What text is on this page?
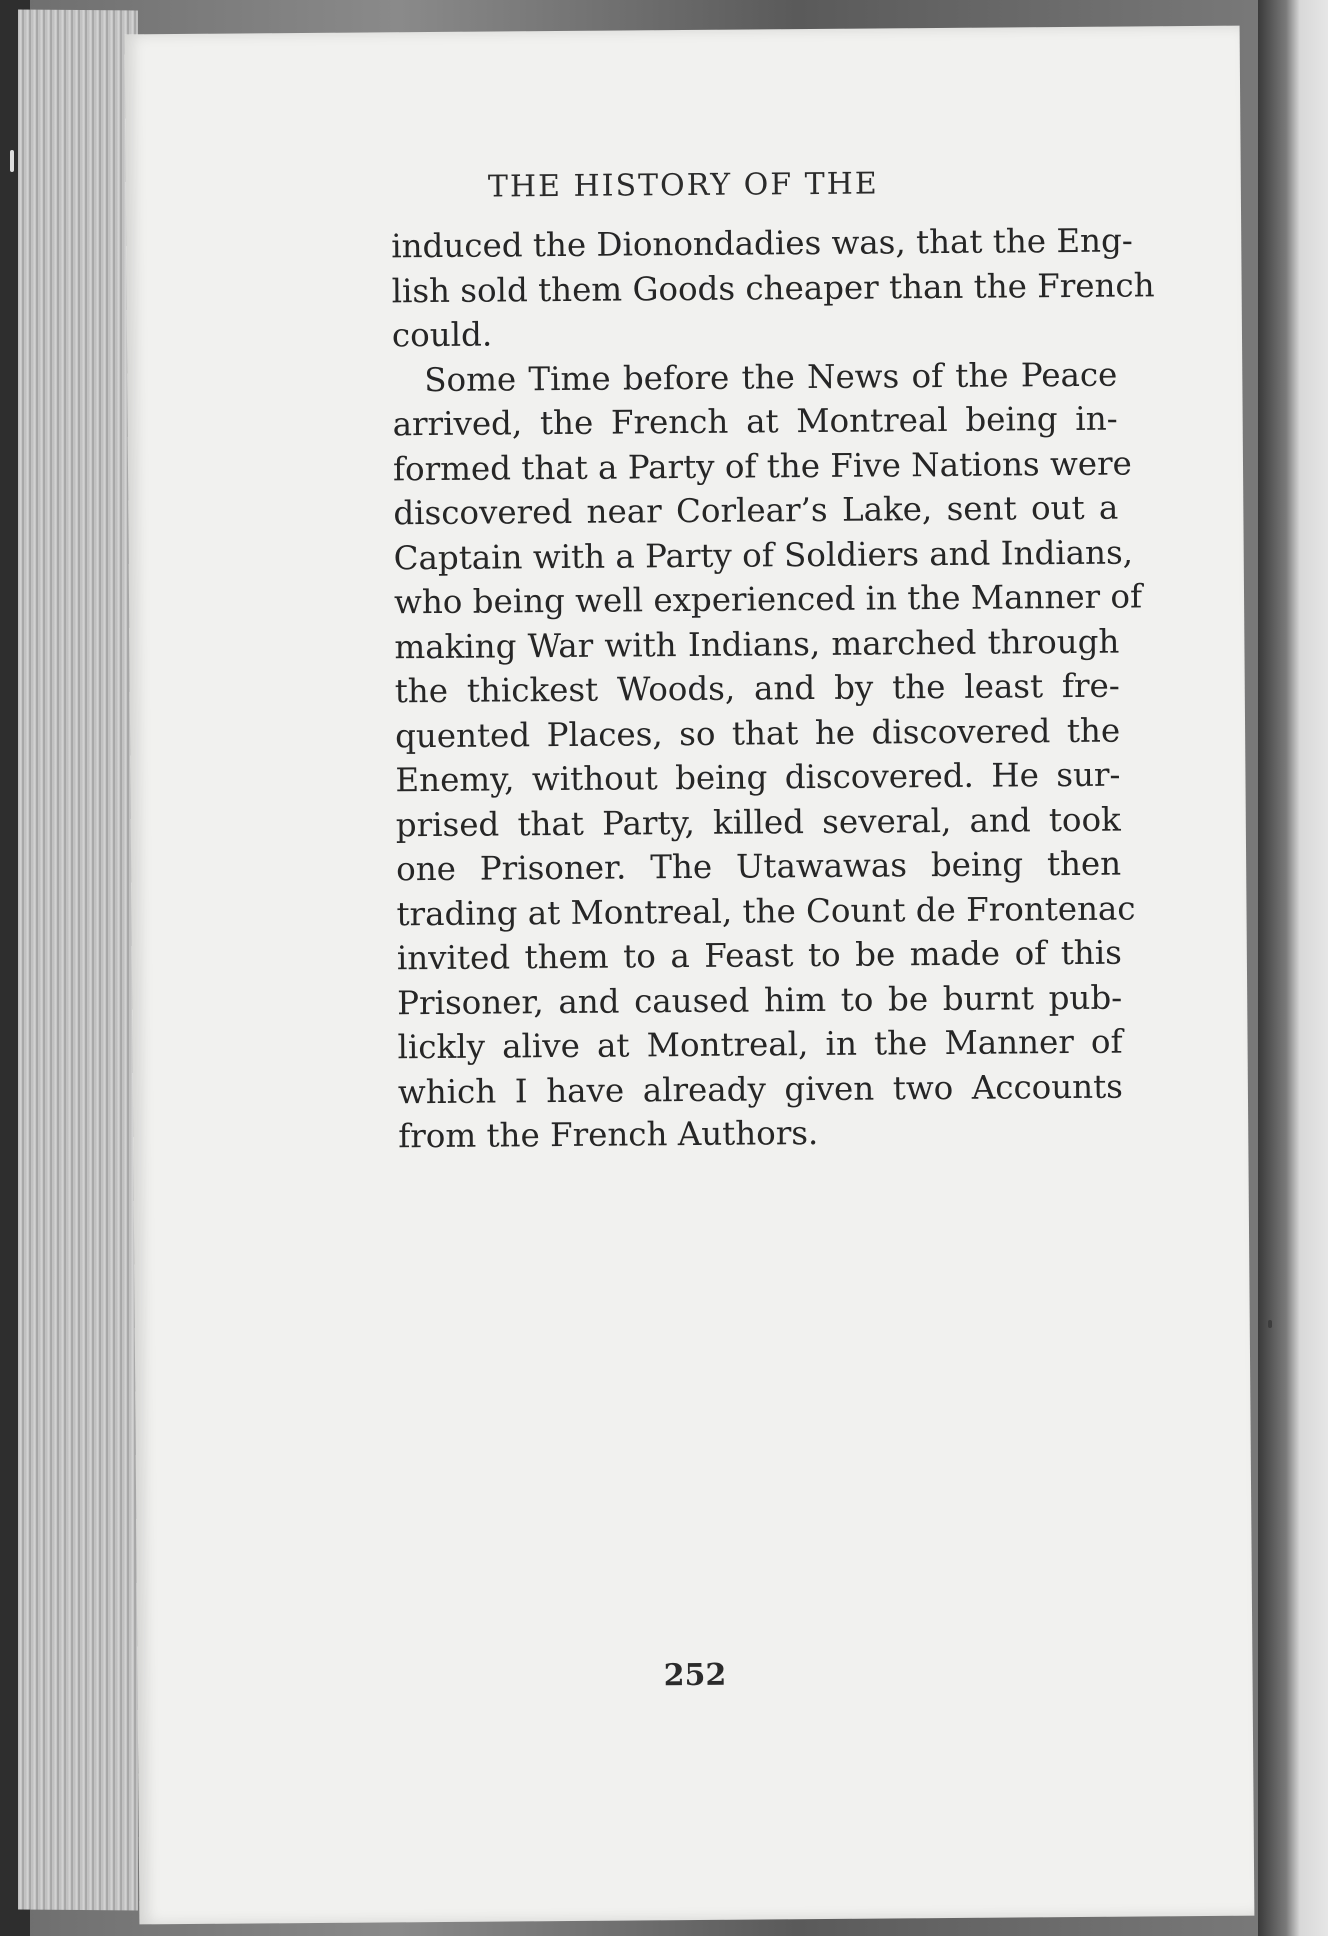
THE HISTORY OF THE

induced the Dionondadies was, that the Eng-
lish sold them Goods cheaper than the French
could.

Some Time before the News of the Peace
arrived, the French at Montreal being in-
formed that a Party of the Five Nations were
discovered near Corlear’s Lake, sent out a
Captain with a Party of Soldiers and Indians,
who being well experienced in the Manner of
making War with Indians, marched through
the thickest Woods, and by the least fre-
quented Places, so that he discovered the
Enemy, without being discovered. He sur-
prised that Party, killed several, and took
one Prisoner. The Utawawas being then
trading at Montreal, the Count de Frontenac
invited them to a Feast to be made of this
Prisoner, and caused him to be burnt pub-
lickly alive at Montreal, in the Manner of
which I have already given two Accounts
from the French Authors.

252
